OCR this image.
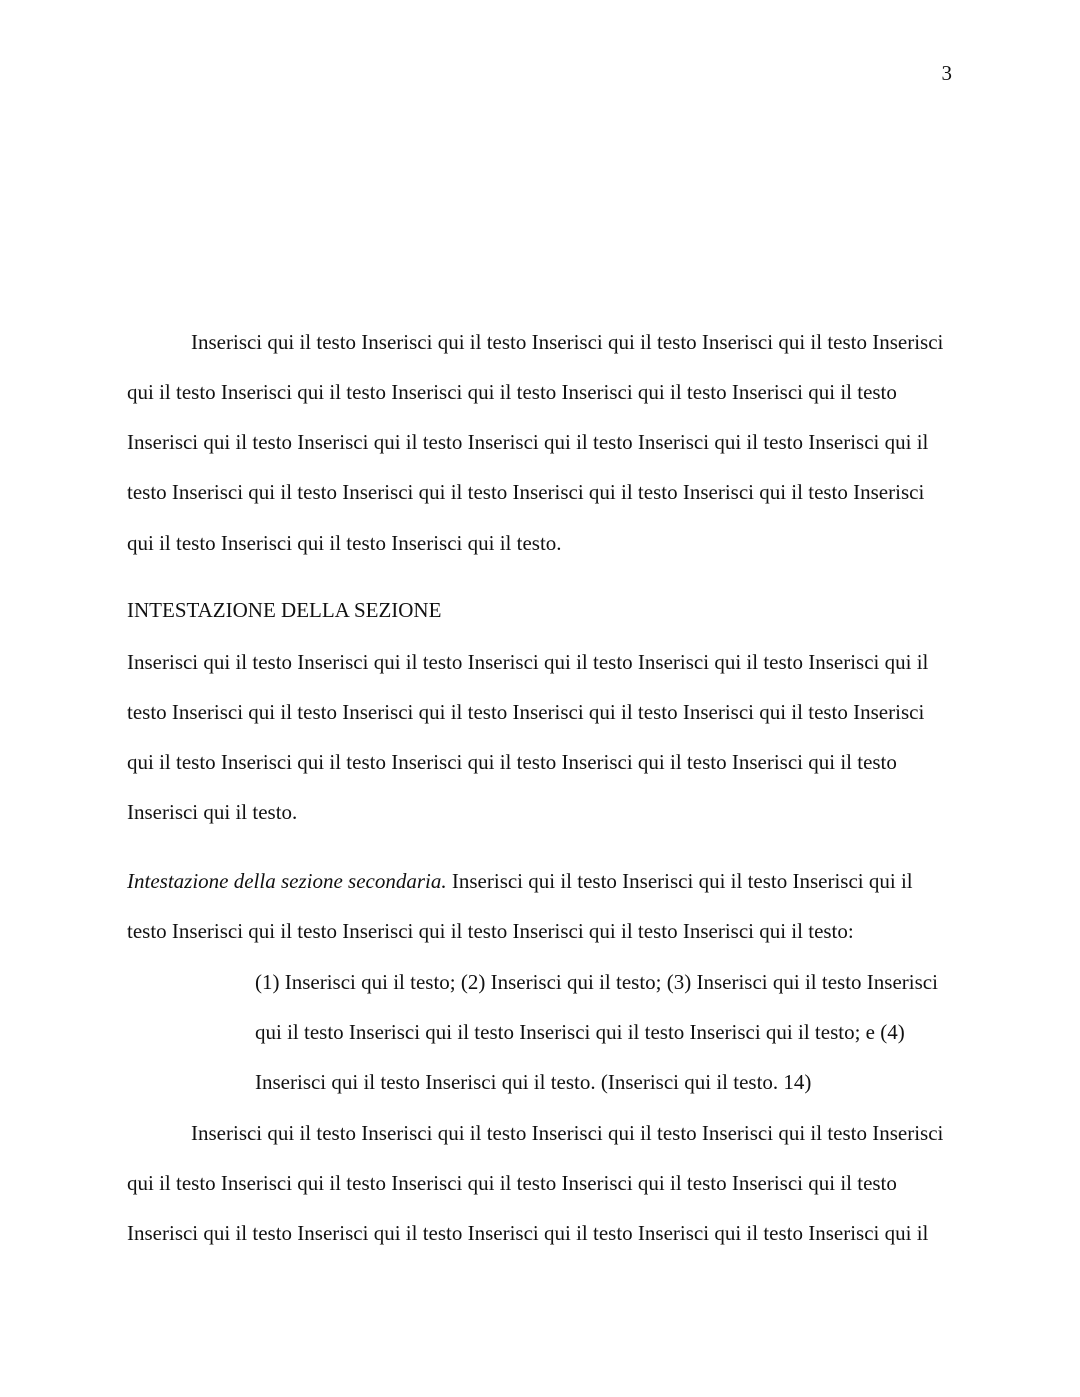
3
Inserisci qui il testo Inserisci qui il testo Inserisci qui il testo Inserisci qui il testo Inserisci
qui il testo Inserisci qui il testo Inserisci qui il testo Inserisci qui il testo Inserisci qui il testo
Inserisci qui il testo Inserisci qui il testo Inserisci qui il testo Inserisci qui il testo Inserisci qui il
testo Inserisci qui il testo Inserisci qui il testo Inserisci qui il testo Inserisci qui il testo Inserisci
qui il testo Inserisci qui il testo Inserisci qui il testo.
INTESTAZIONE DELLA SEZIONE
Inserisci qui il testo Inserisci qui il testo Inserisci qui il testo Inserisci qui il testo Inserisci qui il
testo Inserisci qui il testo Inserisci qui il testo Inserisci qui il testo Inserisci qui il testo Inserisci
qui il testo Inserisci qui il testo Inserisci qui il testo Inserisci qui il testo Inserisci qui il testo
Inserisci qui il testo.
Intestazione della sezione secondaria. Inserisci qui il testo Inserisci qui il testo Inserisci qui il
testo Inserisci qui il testo Inserisci qui il testo Inserisci qui il testo Inserisci qui il testo:
(1) Inserisci qui il testo; (2) Inserisci qui il testo; (3) Inserisci qui il testo Inserisci
qui il testo Inserisci qui il testo Inserisci qui il testo Inserisci qui il testo; e (4)
Inserisci qui il testo Inserisci qui il testo. (Inserisci qui il testo. 14)
Inserisci qui il testo Inserisci qui il testo Inserisci qui il testo Inserisci qui il testo Inserisci
qui il testo Inserisci qui il testo Inserisci qui il testo Inserisci qui il testo Inserisci qui il testo
Inserisci qui il testo Inserisci qui il testo Inserisci qui il testo Inserisci qui il testo Inserisci qui il
